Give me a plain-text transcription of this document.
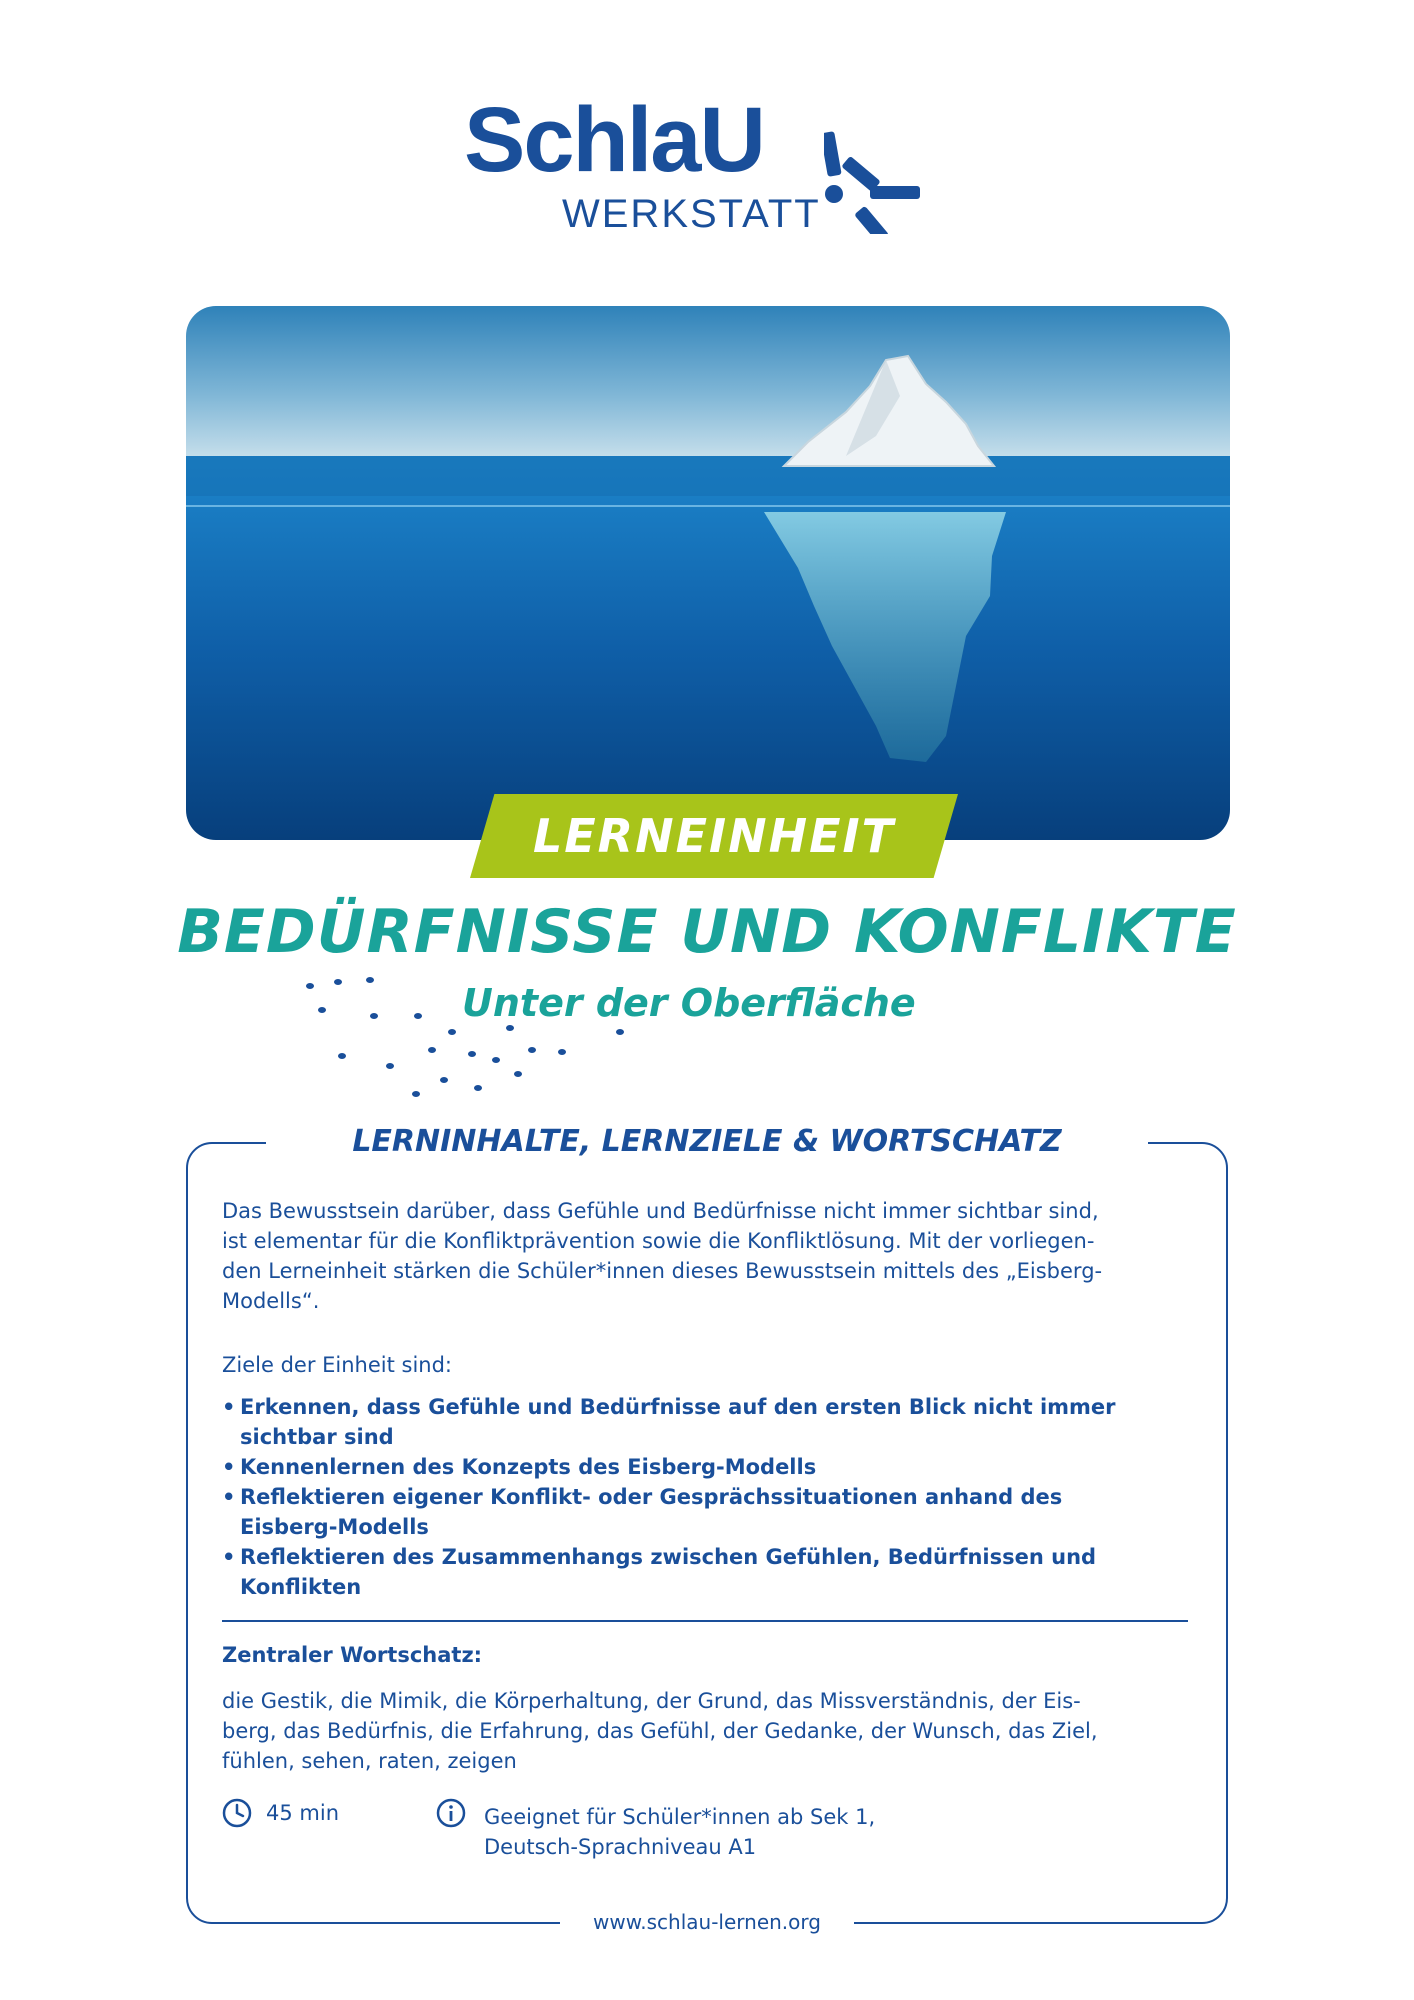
SchlaU
WERKSTATT
LERNEINHEIT
BEDÜRFNISSE UND KONFLIKTE
Unter der Oberfläche
LERNINHALTE, LERNZIELE & WORTSCHATZ

Das Bewusstsein darüber, dass Gefühle und Bedürfnisse nicht immer sichtbar sind,
ist elementar für die Konfliktprävention sowie die Konfliktlösung. Mit der vorliegen-
den Lerneinheit stärken die Schüler*innen dieses Bewusstsein mittels des „Eisberg-
Modells“.

Ziele der Einheit sind:

• Erkennen, dass Gefühle und Bedürfnisse auf den ersten Blick nicht immer
sichtbar sind
• Kennenlernen des Konzepts des Eisberg-Modells
• Reflektieren eigener Konflikt- oder Gesprächssituationen anhand des
Eisberg-Modells
• Reflektieren des Zusammenhangs zwischen Gefühlen, Bedürfnissen und
Konflikten

Zentraler Wortschatz:

die Gestik, die Mimik, die Körperhaltung, der Grund, das Missverständnis, der Eis-
berg, das Bedürfnis, die Erfahrung, das Gefühl, der Gedanke, der Wunsch, das Ziel,
fühlen, sehen, raten, zeigen

45 min	Geeignet für Schüler*innen ab Sek 1,
Deutsch-Sprachniveau A1
www.schlau-lernen.org
